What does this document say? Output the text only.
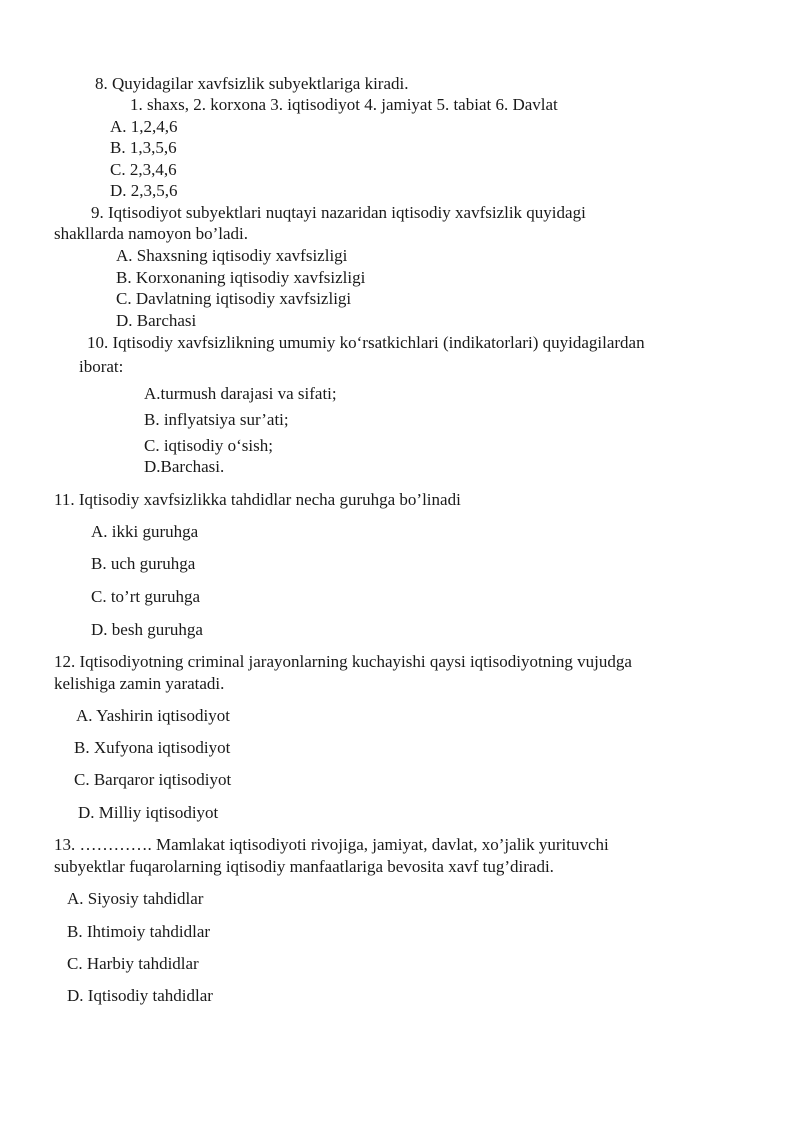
8. Quyidagilar xavfsizlik subyektlariga kiradi.
1. shaxs, 2. korxona 3. iqtisodiyot 4. jamiyat 5. tabiat 6. Davlat
A. 1,2,4,6
B. 1,3,5,6
C. 2,3,4,6
D. 2,3,5,6
9. Iqtisodiyot subyektlari nuqtayi nazaridan iqtisodiy xavfsizlik quyidagi
shakllarda namoyon bo’ladi.
A. Shaxsning iqtisodiy xavfsizligi
B. Korxonaning iqtisodiy xavfsizligi
C. Davlatning iqtisodiy xavfsizligi
D. Barchasi
10. Iqtisodiy xavfsizlikning umumiy ko‘rsatkichlari (indikatorlari) quyidagilardan
iborat:
A.turmush darajasi va sifati;
B. inflyatsiya sur’ati;
C. iqtisodiy o‘sish;
D.Barchasi.
11. Iqtisodiy xavfsizlikka tahdidlar necha guruhga bo’linadi
A. ikki guruhga
B. uch guruhga
C. to’rt guruhga
D. besh guruhga
12. Iqtisodiyotning criminal jarayonlarning kuchayishi qaysi iqtisodiyotning vujudga
kelishiga zamin yaratadi.
A. Yashirin iqtisodiyot
B. Xufyona iqtisodiyot
C. Barqaror iqtisodiyot
D. Milliy iqtisodiyot
13. …………. Mamlakat iqtisodiyoti rivojiga, jamiyat, davlat, xo’jalik yurituvchi
subyektlar fuqarolarning iqtisodiy manfaatlariga bevosita xavf tug’diradi.
A. Siyosiy tahdidlar
B. Ihtimoiy tahdidlar
C. Harbiy tahdidlar
D. Iqtisodiy tahdidlar
